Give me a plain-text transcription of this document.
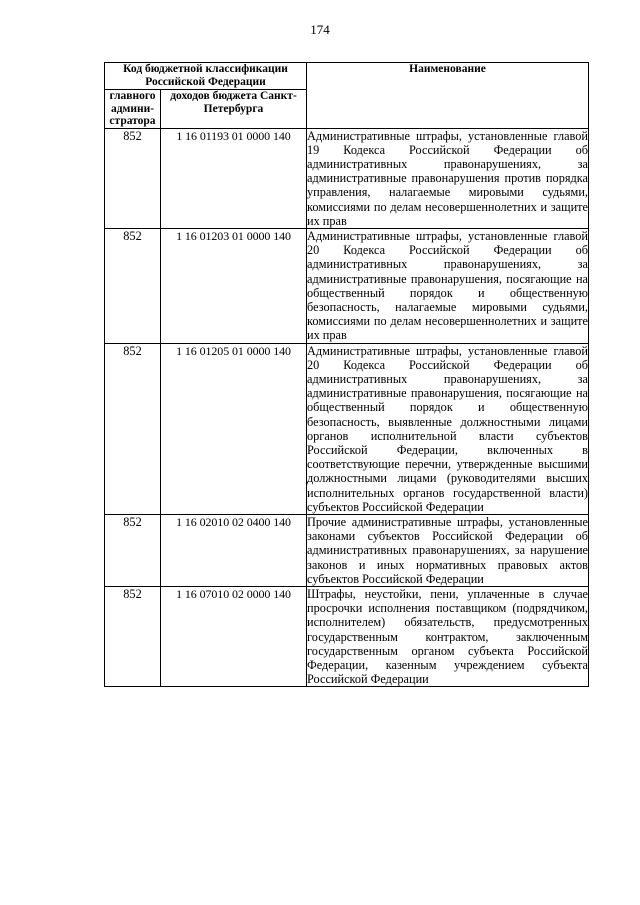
174
Код бюджетной классификации Российской Федерации		Наименование
главного админи-стратора	доходов бюджета Санкт-Петербурга	
852	1 16 01193 01 0000 140	Административные штрафы, установленные главой 19 Кодекса Российской Федерации об административных правонарушениях, за административные правонарушения против порядка управления, налагаемые мировыми судьями, комиссиями по делам несовершеннолетних и защите их прав
852	1 16 01203 01 0000 140	Административные штрафы, установленные главой 20 Кодекса Российской Федерации об административных правонарушениях, за административные правонарушения, посягающие на общественный порядок и общественную безопасность, налагаемые мировыми судьями, комиссиями по делам несовершеннолетних и защите их прав
852	1 16 01205 01 0000 140	Административные штрафы, установленные главой 20 Кодекса Российской Федерации об административных правонарушениях, за административные правонарушения, посягающие на общественный порядок и общественную безопасность, выявленные должностными лицами органов исполнительной власти субъектов Российской Федерации, включенных в соответствующие перечни, утвержденные высшими должностными лицами (руководителями высших исполнительных органов государственной власти) субъектов Российской Федерации
852	1 16 02010 02 0400 140	Прочие административные штрафы, установленные законами субъектов Российской Федерации об административных правонарушениях, за нарушение законов и иных нормативных правовых актов субъектов Российской Федерации
852	1 16 07010 02 0000 140	Штрафы, неустойки, пени, уплаченные в случае просрочки исполнения поставщиком (подрядчиком, исполнителем) обязательств, предусмотренных государственным контрактом, заключенным государственным органом субъекта Российской Федерации, казенным учреждением субъекта Российской Федерации
